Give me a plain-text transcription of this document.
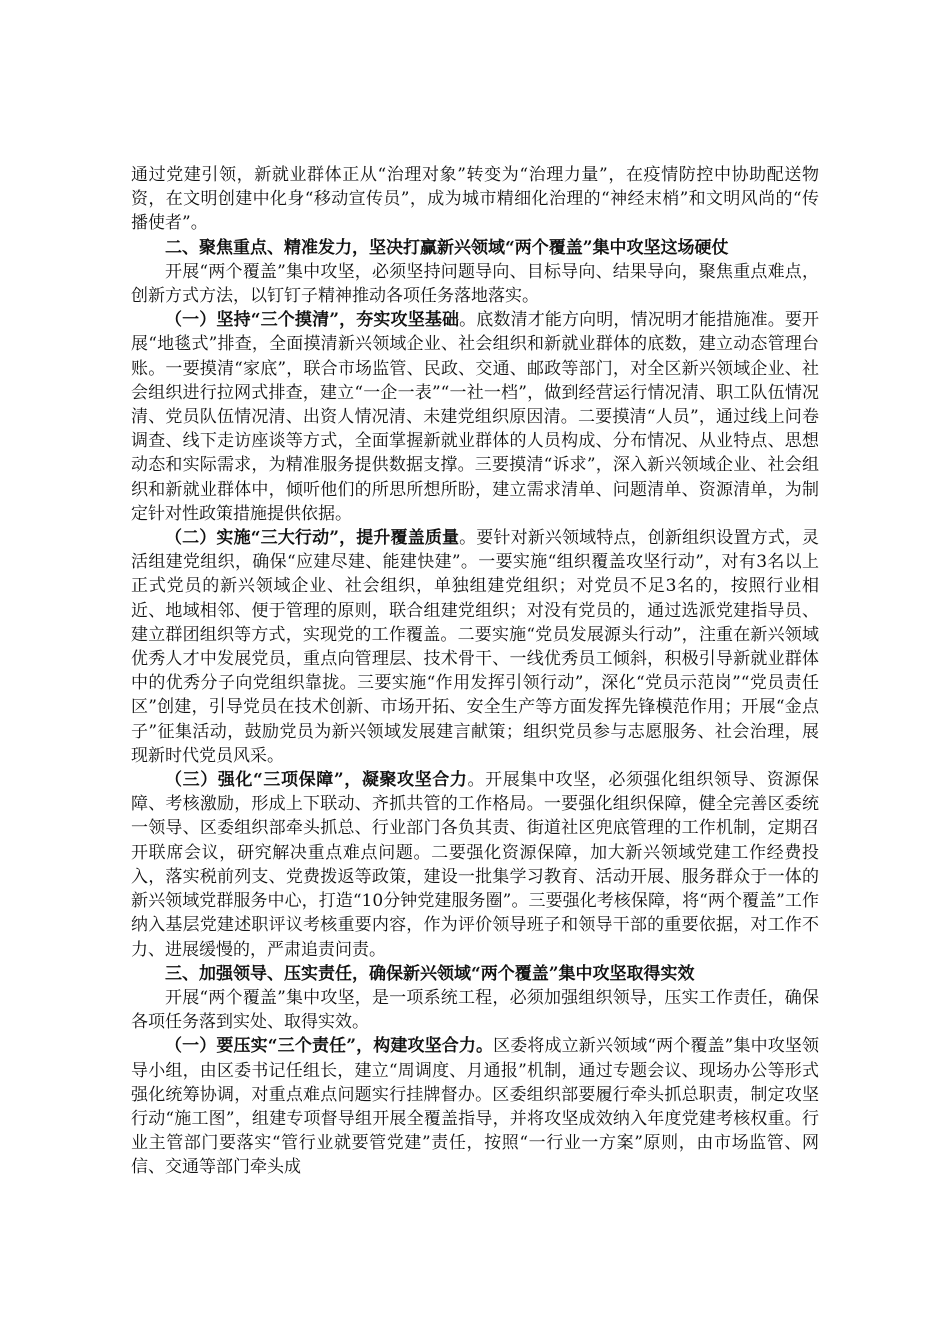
通过党建引领，新就业群体正从“治理对象”转变为“治理力量”，在疫情防控中协助配送物资，在文明创建中化身“移动宣传员”，成为城市精细化治理的“神经末梢”和文明风尚的“传播使者”。

二、聚焦重点、精准发力，坚决打赢新兴领域“两个覆盖”集中攻坚这场硬仗

开展“两个覆盖”集中攻坚，必须坚持问题导向、目标导向、结果导向，聚焦重点难点，创新方式方法，以钉钉子精神推动各项任务落地落实。

（一）坚持“三个摸清”，夯实攻坚基础。底数清才能方向明，情况明才能措施准。要开展“地毯式”排查，全面摸清新兴领域企业、社会组织和新就业群体的底数，建立动态管理台账。一要摸清“家底”，联合市场监管、民政、交通、邮政等部门，对全区新兴领域企业、社会组织进行拉网式排查，建立“一企一表”“一社一档”，做到经营运行情况清、职工队伍情况清、党员队伍情况清、出资人情况清、未建党组织原因清。二要摸清“人员”，通过线上问卷调查、线下走访座谈等方式，全面掌握新就业群体的人员构成、分布情况、从业特点、思想动态和实际需求，为精准服务提供数据支撑。三要摸清“诉求”，深入新兴领域企业、社会组织和新就业群体中，倾听他们的所思所想所盼，建立需求清单、问题清单、资源清单，为制定针对性政策措施提供依据。

（二）实施“三大行动”，提升覆盖质量。要针对新兴领域特点，创新组织设置方式，灵活组建党组织，确保“应建尽建、能建快建”。一要实施“组织覆盖攻坚行动”，对有3名以上正式党员的新兴领域企业、社会组织，单独组建党组织；对党员不足3名的，按照行业相近、地域相邻、便于管理的原则，联合组建党组织；对没有党员的，通过选派党建指导员、建立群团组织等方式，实现党的工作覆盖。二要实施“党员发展源头行动”，注重在新兴领域优秀人才中发展党员，重点向管理层、技术骨干、一线优秀员工倾斜，积极引导新就业群体中的优秀分子向党组织靠拢。三要实施“作用发挥引领行动”，深化“党员示范岗”“党员责任区”创建，引导党员在技术创新、市场开拓、安全生产等方面发挥先锋模范作用；开展“金点子”征集活动，鼓励党员为新兴领域发展建言献策；组织党员参与志愿服务、社会治理，展现新时代党员风采。

（三）强化“三项保障”，凝聚攻坚合力。开展集中攻坚，必须强化组织领导、资源保障、考核激励，形成上下联动、齐抓共管的工作格局。一要强化组织保障，健全完善区委统一领导、区委组织部牵头抓总、行业部门各负其责、街道社区兜底管理的工作机制，定期召开联席会议，研究解决重点难点问题。二要强化资源保障，加大新兴领域党建工作经费投入，落实税前列支、党费拨返等政策，建设一批集学习教育、活动开展、服务群众于一体的新兴领域党群服务中心，打造“10分钟党建服务圈”。三要强化考核保障，将“两个覆盖”工作纳入基层党建述职评议考核重要内容，作为评价领导班子和领导干部的重要依据，对工作不力、进展缓慢的，严肃追责问责。

三、加强领导、压实责任，确保新兴领域“两个覆盖”集中攻坚取得实效

开展“两个覆盖”集中攻坚，是一项系统工程，必须加强组织领导，压实工作责任，确保各项任务落到实处、取得实效。

（一）要压实“三个责任”，构建攻坚合力。区委将成立新兴领域“两个覆盖”集中攻坚领导小组，由区委书记任组长，建立“周调度、月通报”机制，通过专题会议、现场办公等形式强化统筹协调，对重点难点问题实行挂牌督办。区委组织部要履行牵头抓总职责，制定攻坚行动“施工图”，组建专项督导组开展全覆盖指导，并将攻坚成效纳入年度党建考核权重。行业主管部门要落实“管行业就要管党建”责任，按照“一行业一方案”原则，由市场监管、网信、交通等部门牵头成
